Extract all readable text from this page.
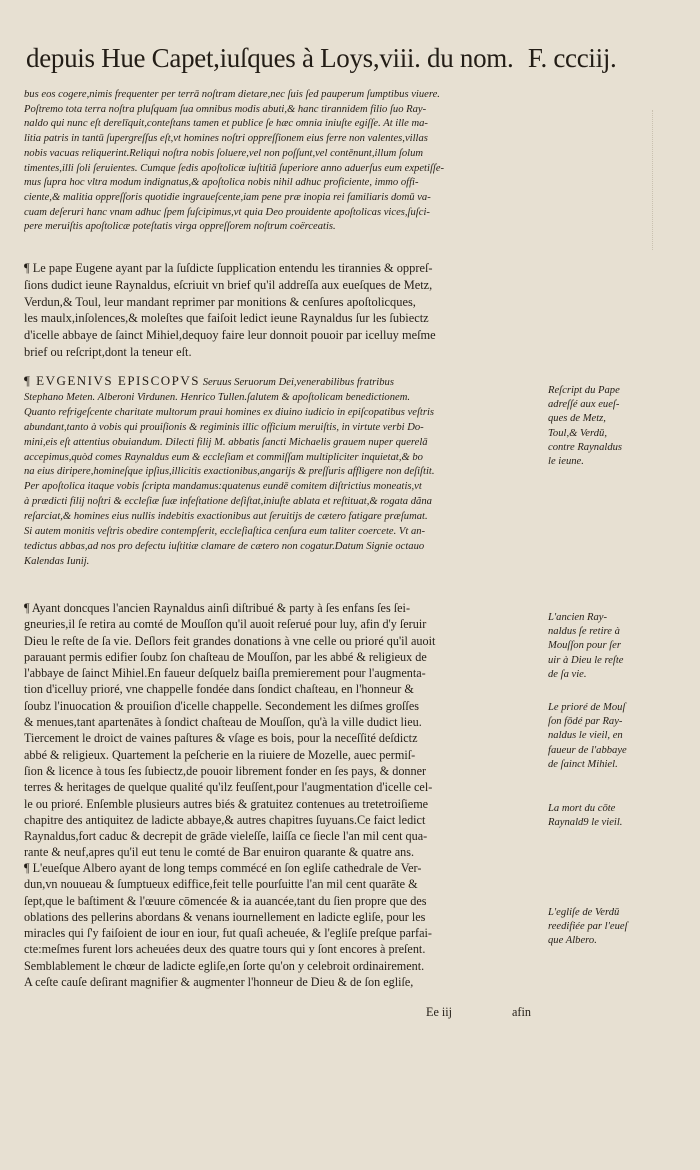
depuis Hue Capet,iuſques à Loys,viii. du nom. F. ccciij.
bus eos cogere,nimis frequenter per terrā noſtram dietare,nec ſuis ſed pauperum ſumptibus viuere.
Poſtremo tota terra noſtra pluſquam ſua omnibus modis abuti,& hanc tirannidem filio ſuo Ray-
naldo qui nunc eſt derelīquit,conteſtans tamen et publice ſe hæc omnia iniuſte egiſſe. At ille ma-
litia patris in tantū ſupergreſſus eſt,vt homines noſtri oppreſſionem eius ferre non valentes,villas
nobis vacuas reliquerint.Reliqui noſtra nobis ſoluere,vel non poſſunt,vel contēnunt,illum ſolum
timentes,illi ſoli ſeruientes. Cumque ſedis apoſtolicæ iuſtitiā ſuperiore anno aduerſus eum expetiſſe-
mus ſupra hoc vltra modum indignatus,& apoſtolica nobis nihil adhuc proficiente, immo offi-
ciente,& malitia oppreſſoris quotidie ingraueſcente,iam pene præ inopia rei familiaris domū va-
cuam deſeruri hanc vnam adhuc ſpem ſuſcipimus,vt quia Deo prouidente apoſtolicas vices,ſuſci-
pere meruiſtis apoſtolicæ poteſtatis virga oppreſſorem noſtrum coërceatis.
¶ Le pape Eugene ayant par la ſuſdicte ſupplication entendu les tirannies & oppreſ-
ſions dudict ieune Raynaldus, eſcriuit vn brief qu'il addreſſa aux eueſques de Metz,
Verdun,& Toul, leur mandant reprimer par monitions & cenſures apoſtolicques,
les maulx,inſolences,& moleſtes que faiſoit ledict ieune Raynaldus ſur les ſubiectz
d'icelle abbaye de ſainct Mihiel,dequoy faire leur donnoit pouoir par icelluy meſme
brief ou reſcript,dont la teneur eſt.
¶ EVGENIVS EPISCOPVS Seruus Seruorum Dei,venerabilibus fratribus
Stephano Meten. Alberoni Virdunen. Henrico Tullen.ſalutem & apoſtolicam benedictionem.
Quanto refrigeſcente charitate multorum praui homines ex diuino iudicio in epiſcopatibus veſtris
abundant,tanto à vobis qui prouiſionis & regiminis illic officium meruiſtis, in virtute verbi Do-
mini,eis eſt attentius obuiandum. Dilecti filij M. abbatis ſancti Michaelis grauem nuper querelā
accepimus,quòd comes Raynaldus eum & eccleſiam et commiſſam multipliciter inquietat,& bo
na eius diripere,homineſque ipſius,illicitis exactionibus,angarijs & preſſuris affligere non deſiſtit.
Per apoſtolica itaque vobis ſcripta mandamus:quatenus eundē comitem diſtrictius moneatis,vt
à prædicti filij noſtri & eccleſiæ ſuæ infeſtatione deſiſtat,iniuſte ablata et reſtituat,& rogata dãna
reſarciat,& homines eius nullis indebitis exactionibus aut ſeruitijs de cætero fatigare præſumat.
Si autem monitis veſtris obedire contempſerit, eccleſiaſtica cenſura eum taliter coercete. Vt an-
tedictus abbas,ad nos pro defectu iuſtitiæ clamare de cætero non cogatur.Datum Signie octauo
Kalendas Iunij.
¶ Ayant doncques l'ancien Raynaldus ainſi diſtribué & party à ſes enfans ſes ſei-
gneuries,il ſe retira au comté de Mouſſon qu'il auoit reſerué pour luy, afin d'y ſeruir
Dieu le reſte de ſa vie. Deſlors feit grandes donations à vne celle ou prioré qu'il auoit
parauant permis edifier ſoubz ſon chaſteau de Mouſſon, par les abbé & religieux de
l'abbaye de ſainct Mihiel.En faueur deſquelz baiſla premierement pour l'augmenta-
tion d'icelluy prioré, vne chappelle fondée dans ſondict chaſteau, en l'honneur &
ſoubz l'inuocation & prouiſion d'icelle chappelle. Secondement les diſmes groſſes
& menues,tant apartenātes à ſondict chaſteau de Mouſſon, qu'à la ville dudict lieu.
Tiercement le droict de vaines paſtures & vſage es bois, pour la neceſſité deſdictz
abbé & religieux. Quartement la peſcherie en la riuiere de Mozelle, auec permiſ-
ſion & licence à tous ſes ſubiectz,de pouoir librement fonder en ſes pays, & donner
terres & heritages de quelque qualité qu'ilz feuſſent,pour l'augmentation d'icelle cel-
le ou prioré. Enſemble plusieurs autres biés & gratuitez contenues au tretetroiſieme
chapitre des antiquitez de ladicte abbaye,& autres chapitres ſuyuans.Ce faict ledict
Raynaldus,fort caduc & decrepit de grāde vieleſſe, laiſſa ce ſiecle l'an mil cent qua-
rante & neuf,apres qu'il eut tenu le comté de Bar enuiron quarante & quatre ans.
¶ L'eueſque Albero ayant de long temps commécé en ſon egliſe cathedrale de Ver-
dun,vn nouueau & ſumptueux ediffice,feit telle pourſuitte l'an mil cent quarāte &
ſept,que le baſtiment & l'œuure cōmencée & ia auancée,tant du ſien propre que des
oblations des pellerins abordans & venans iournellement en ladicte egliſe, pour les
miracles qui ſ'y faiſoient de iour en iour, fut quaſi acheuée, & l'egliſe preſque parfai-
cte:meſmes furent lors acheuées deux des quatre tours qui y ſont encores à preſent.
Semblablement le chœur de ladicte egliſe,en ſorte qu'on y celebroit ordinairement.
A ceſte cauſe deſirant magnifier & augmenter l'honneur de Dieu & de ſon egliſe,
Reſcript du Pape
adreſſé aux eueſ-
ques de Metz,
Toul,& Verdū,
contre Raynaldus
le ieune.
L'ancien Ray-
naldus ſe retire à
Mouſſon pour ſer
uir à Dieu le reſte
de ſa vie.
Le prioré de Mouſ
ſon fōdé par Ray-
naldus le vieil, en
faueur de l'abbaye
de ſainct Mihiel.
La mort du cōte
Raynald9 le vieil.
L'egliſe de Verdū
reedifiée par l'eueſ
que Albero.
Ee iij	afin
